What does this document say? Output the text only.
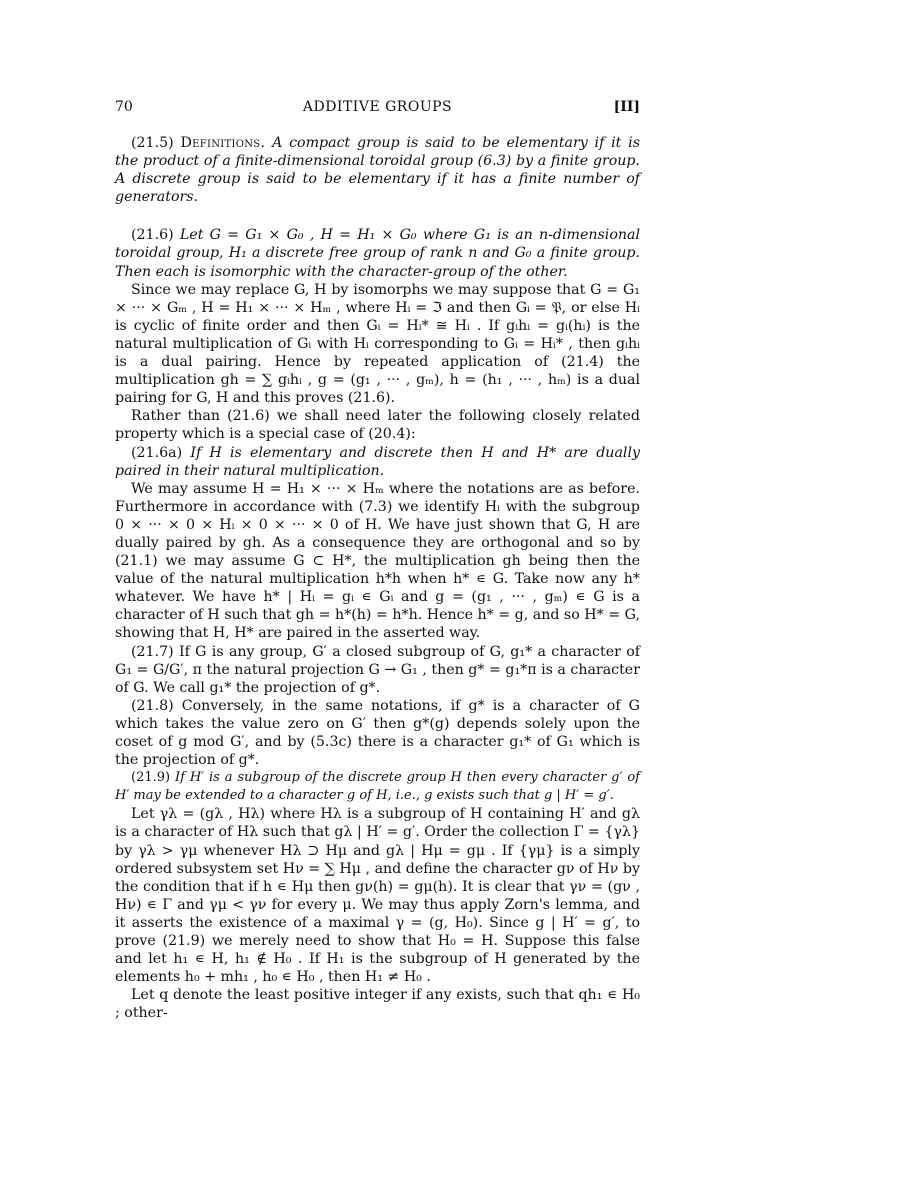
70	ADDITIVE GROUPS	[II]

(21.5) Definitions. A compact group is said to be elementary if it is the product of a finite-dimensional toroidal group (6.3) by a finite group. A discrete group is said to be elementary if it has a finite number of generators.

(21.6) Let G = G₁ × G₀ , H = H₁ × G₀ where G₁ is an n-dimensional toroidal group, H₁ a discrete free group of rank n and G₀ a finite group. Then each is isomorphic with the character-group of the other.

Since we may replace G, H by isomorphs we may suppose that G = G₁ × ··· × Gₘ , H = H₁ × ··· × Hₘ , where Hᵢ = ℑ and then Gᵢ = 𝔓, or else Hᵢ is cyclic of finite order and then Gᵢ = Hᵢ* ≅ Hᵢ . If gᵢhᵢ = gᵢ(hᵢ) is the natural multiplication of Gᵢ with Hᵢ corresponding to Gᵢ = Hᵢ* , then gᵢhᵢ is a dual pairing. Hence by repeated application of (21.4) the multiplication gh = ∑ gᵢhᵢ , g = (g₁ , ··· , gₘ), h = (h₁ , ··· , hₘ) is a dual pairing for G, H and this proves (21.6).

Rather than (21.6) we shall need later the following closely related property which is a special case of (20.4):

(21.6a) If H is elementary and discrete then H and H* are dually paired in their natural multiplication.

We may assume H = H₁ × ··· × Hₘ where the notations are as before. Furthermore in accordance with (7.3) we identify Hᵢ with the subgroup 0 × ··· × 0 × Hᵢ × 0 × ··· × 0 of H. We have just shown that G, H are dually paired by gh. As a consequence they are orthogonal and so by (21.1) we may assume G ⊂ H*, the multiplication gh being then the value of the natural multiplication h*h when h* ∊ G. Take now any h* whatever. We have h* | Hᵢ = gᵢ ∊ Gᵢ and g = (g₁ , ··· , gₘ) ∊ G is a character of H such that gh = h*(h) = h*h. Hence h* = g, and so H* = G, showing that H, H* are paired in the asserted way.

(21.7) If G is any group, G′ a closed subgroup of G, g₁* a character of G₁ = G/G′, π the natural projection G → G₁ , then g* = g₁*π is a character of G. We call g₁* the projection of g*.

(21.8) Conversely, in the same notations, if g* is a character of G which takes the value zero on G′ then g*(g) depends solely upon the coset of g mod G′, and by (5.3c) there is a character g₁* of G₁ which is the projection of g*.

(21.9) If H′ is a subgroup of the discrete group H then every character g′ of H′ may be extended to a character g of H, i.e., g exists such that g | H′ = g′.

Let γλ = (gλ , Hλ) where Hλ is a subgroup of H containing H′ and gλ is a character of Hλ such that gλ | H′ = g′. Order the collection Γ = {γλ} by γλ > γμ whenever Hλ ⊃ Hμ and gλ | Hμ = gμ . If {γμ} is a simply ordered subsystem set Hν = ∑ Hμ , and define the character gν of Hν by the condition that if h ∊ Hμ then gν(h) = gμ(h). It is clear that γν = (gν , Hν) ∊ Γ and γμ < γν for every μ. We may thus apply Zorn's lemma, and it asserts the existence of a maximal γ = (g, H₀). Since g | H′ = g′, to prove (21.9) we merely need to show that H₀ = H. Suppose this false and let h₁ ∊ H, h₁ ∉ H₀ . If H₁ is the subgroup of H generated by the elements h₀ + mh₁ , h₀ ∊ H₀ , then H₁ ≠ H₀ .

Let q denote the least positive integer if any exists, such that qh₁ ∊ H₀ ; other-
